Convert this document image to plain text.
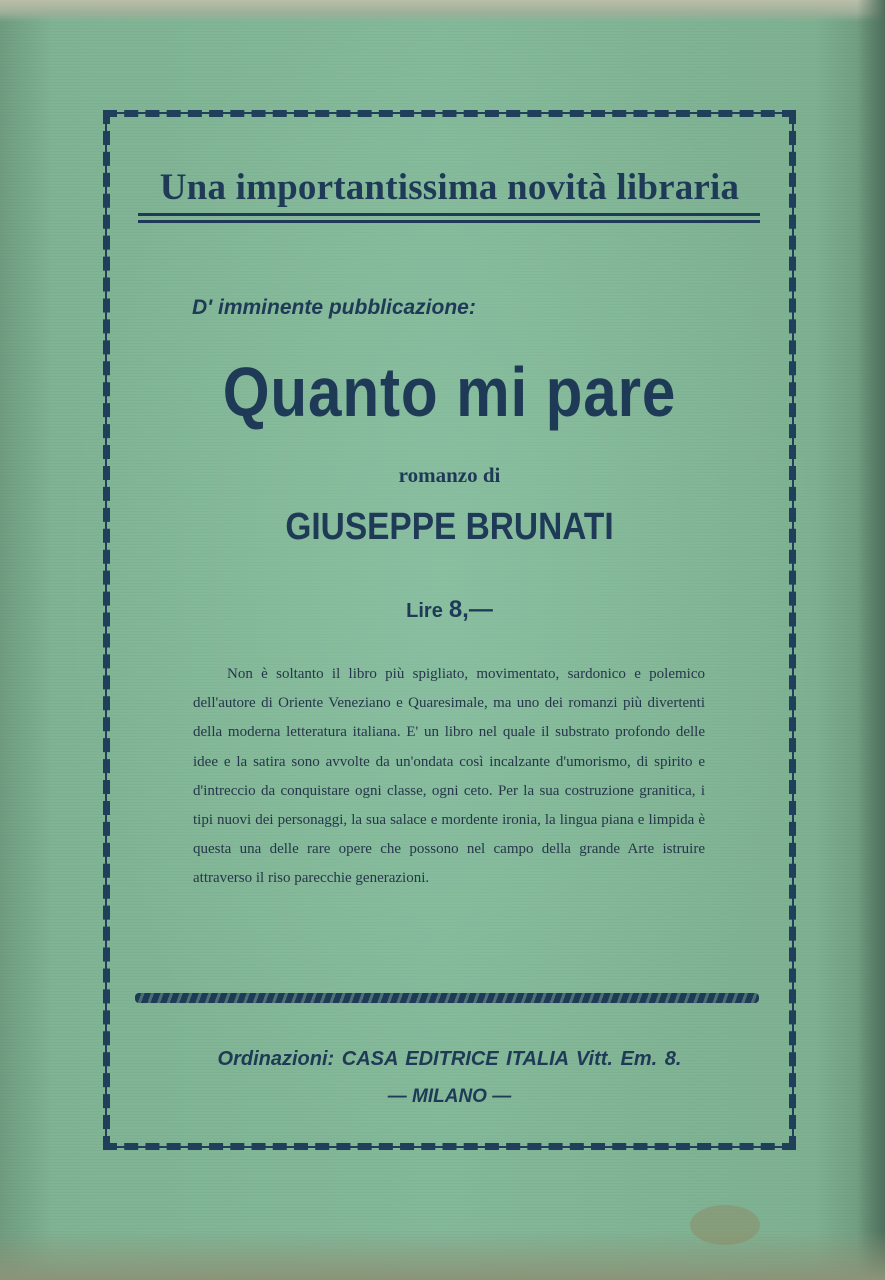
Una importantissima novità libraria
D' imminente pubblicazione:
Quanto mi pare
romanzo di
GIUSEPPE BRUNATI
Lire 8,—

Non è soltanto il libro più spigliato, movimentato, sardonico e polemico dell'autore di Oriente Veneziano e Quaresimale, ma uno dei romanzi più divertenti della moderna letteratura italiana. E' un libro nel quale il substrato profondo delle idee e la satira sono avvolte da un'ondata così incalzante d'umorismo, di spirito e d'intreccio da conquistare ogni classe, ogni ceto. Per la sua costruzione granitica, i tipi nuovi dei personaggi, la sua salace e mordente ironia, la lingua piana e limpida è questa una delle rare opere che possono nel campo della grande Arte istruire attraverso il riso parecchie generazioni.

Ordinazioni: CASA EDITRICE ITALIA Vitt. Em. 8.
— MILANO —
